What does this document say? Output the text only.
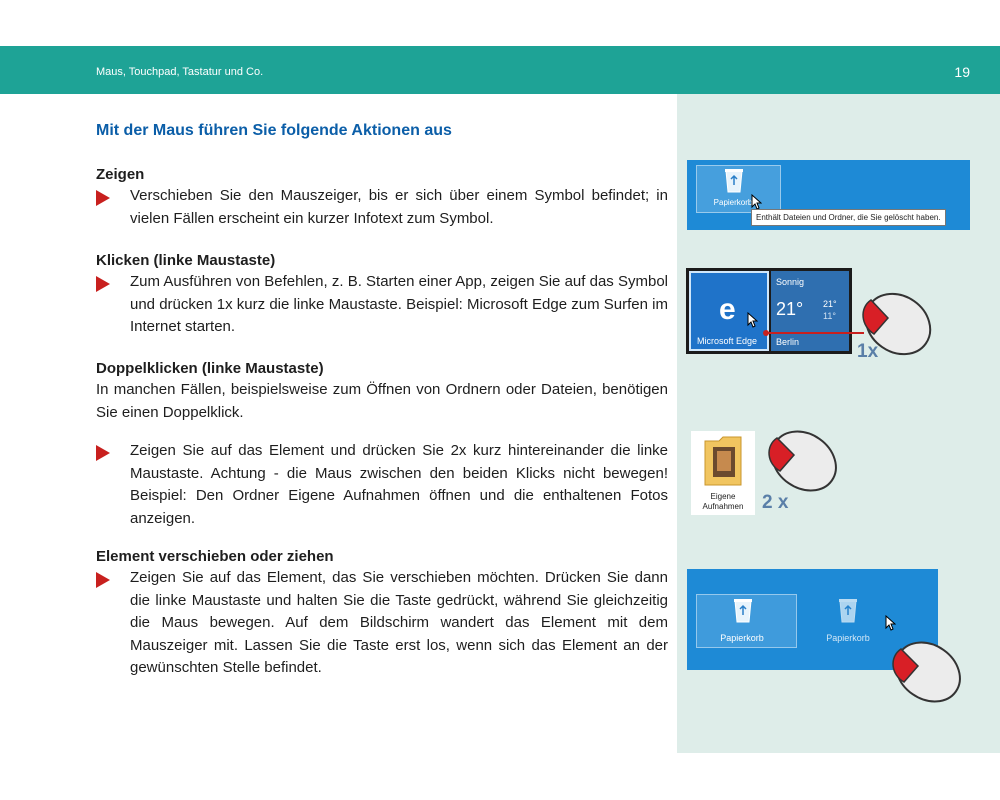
Maus, Touchpad, Tastatur und Co.	19
Mit der Maus führen Sie folgende Aktionen aus
Zeigen
Verschieben Sie den Mauszeiger, bis er sich über einem Symbol befindet; in vielen Fällen erscheint ein kurzer Infotext zum Symbol.
Klicken (linke Maustaste)
Zum Ausführen von Befehlen, z. B. Starten einer App, zeigen Sie auf das Symbol und drücken 1x kurz die linke Maustaste. Beispiel: Microsoft Edge zum Surfen im Internet starten.
Doppelklicken (linke Maustaste)
In manchen Fällen, beispielsweise zum Öffnen von Ordnern oder Dateien, benötigen Sie einen Doppelklick.
Zeigen Sie auf das Element und drücken Sie 2x kurz hintereinander die linke Maustaste. Achtung - die Maus zwischen den beiden Klicks nicht bewegen! Beispiel: Den Ordner Eigene Aufnahmen öffnen und die enthaltenen Fotos anzeigen.
Element verschieben oder ziehen
Zeigen Sie auf das Element, das Sie verschieben möchten. Drücken Sie dann die linke Maustaste und halten Sie die Taste gedrückt, während Sie gleichzeitig die Maus bewegen. Auf dem Bildschirm wandert das Element mit dem Mauszeiger mit. Lassen Sie die Taste erst los, wenn sich das Element an der gewünschten Stelle befindet.
Papierkorb
Enthält Dateien und Ordner, die Sie gelöscht haben.
e
Microsoft Edge
Sonnig
21° 21°
11°
Berlin	1x
Eigene
Aufnahmen 2 x
Papierkorb	Papierkorb
